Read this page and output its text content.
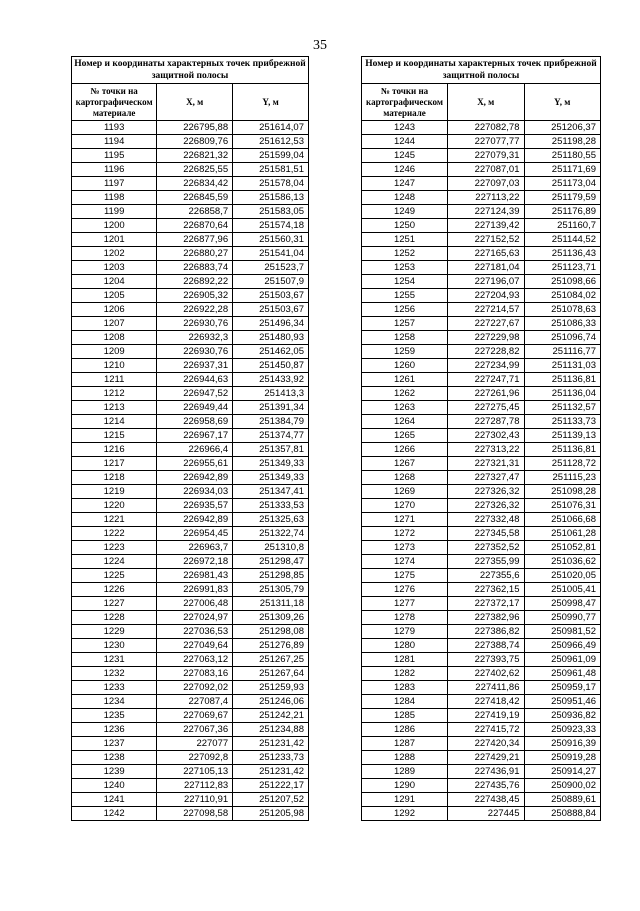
35
Номер и координаты характерных точек прибрежной защитной полосы		
№ точки на картографическом материале	X, м	Y, м
1193	226795,88	251614,07
1194	226809,76	251612,53
1195	226821,32	251599,04
1196	226825,55	251581,51
1197	226834,42	251578,04
1198	226845,59	251586,13
1199	226858,7	251583,05
1200	226870,64	251574,18
1201	226877,96	251560,31
1202	226880,27	251541,04
1203	226883,74	251523,7
1204	226892,22	251507,9
1205	226905,32	251503,67
1206	226922,28	251503,67
1207	226930,76	251496,34
1208	226932,3	251480,93
1209	226930,76	251462,05
1210	226937,31	251450,87
1211	226944,63	251433,92
1212	226947,52	251413,3
1213	226949,44	251391,34
1214	226958,69	251384,79
1215	226967,17	251374,77
1216	226966,4	251357,81
1217	226955,61	251349,33
1218	226942,89	251349,33
1219	226934,03	251347,41
1220	226935,57	251333,53
1221	226942,89	251325,63
1222	226954,45	251322,74
1223	226963,7	251310,8
1224	226972,18	251298,47
1225	226981,43	251298,85
1226	226991,83	251305,79
1227	227006,48	251311,18
1228	227024,97	251309,26
1229	227036,53	251298,08
1230	227049,64	251276,89
1231	227063,12	251267,25
1232	227083,16	251267,64
1233	227092,02	251259,93
1234	227087,4	251246,06
1235	227069,67	251242,21
1236	227067,36	251234,88
1237	227077	251231,42
1238	227092,8	251233,73
1239	227105,13	251231,42
1240	227112,83	251222,17
1241	227110,91	251207,52
1242	227098,58	251205,98
Номер и координаты характерных точек прибрежной защитной полосы		
№ точки на картографическом материале	X, м	Y, м
1243	227082,78	251206,37
1244	227077,77	251198,28
1245	227079,31	251180,55
1246	227087,01	251171,69
1247	227097,03	251173,04
1248	227113,22	251179,59
1249	227124,39	251176,89
1250	227139,42	251160,7
1251	227152,52	251144,52
1252	227165,63	251136,43
1253	227181,04	251123,71
1254	227196,07	251098,66
1255	227204,93	251084,02
1256	227214,57	251078,63
1257	227227,67	251086,33
1258	227229,98	251096,74
1259	227228,82	251116,77
1260	227234,99	251131,03
1261	227247,71	251136,81
1262	227261,96	251136,04
1263	227275,45	251132,57
1264	227287,78	251133,73
1265	227302,43	251139,13
1266	227313,22	251136,81
1267	227321,31	251128,72
1268	227327,47	251115,23
1269	227326,32	251098,28
1270	227326,32	251076,31
1271	227332,48	251066,68
1272	227345,58	251061,28
1273	227352,52	251052,81
1274	227355,99	251036,62
1275	227355,6	251020,05
1276	227362,15	251005,41
1277	227372,17	250998,47
1278	227382,96	250990,77
1279	227386,82	250981,52
1280	227388,74	250966,49
1281	227393,75	250961,09
1282	227402,62	250961,48
1283	227411,86	250959,17
1284	227418,42	250951,46
1285	227419,19	250936,82
1286	227415,72	250923,33
1287	227420,34	250916,39
1288	227429,21	250919,28
1289	227436,91	250914,27
1290	227435,76	250900,02
1291	227438,45	250889,61
1292	227445	250888,84
